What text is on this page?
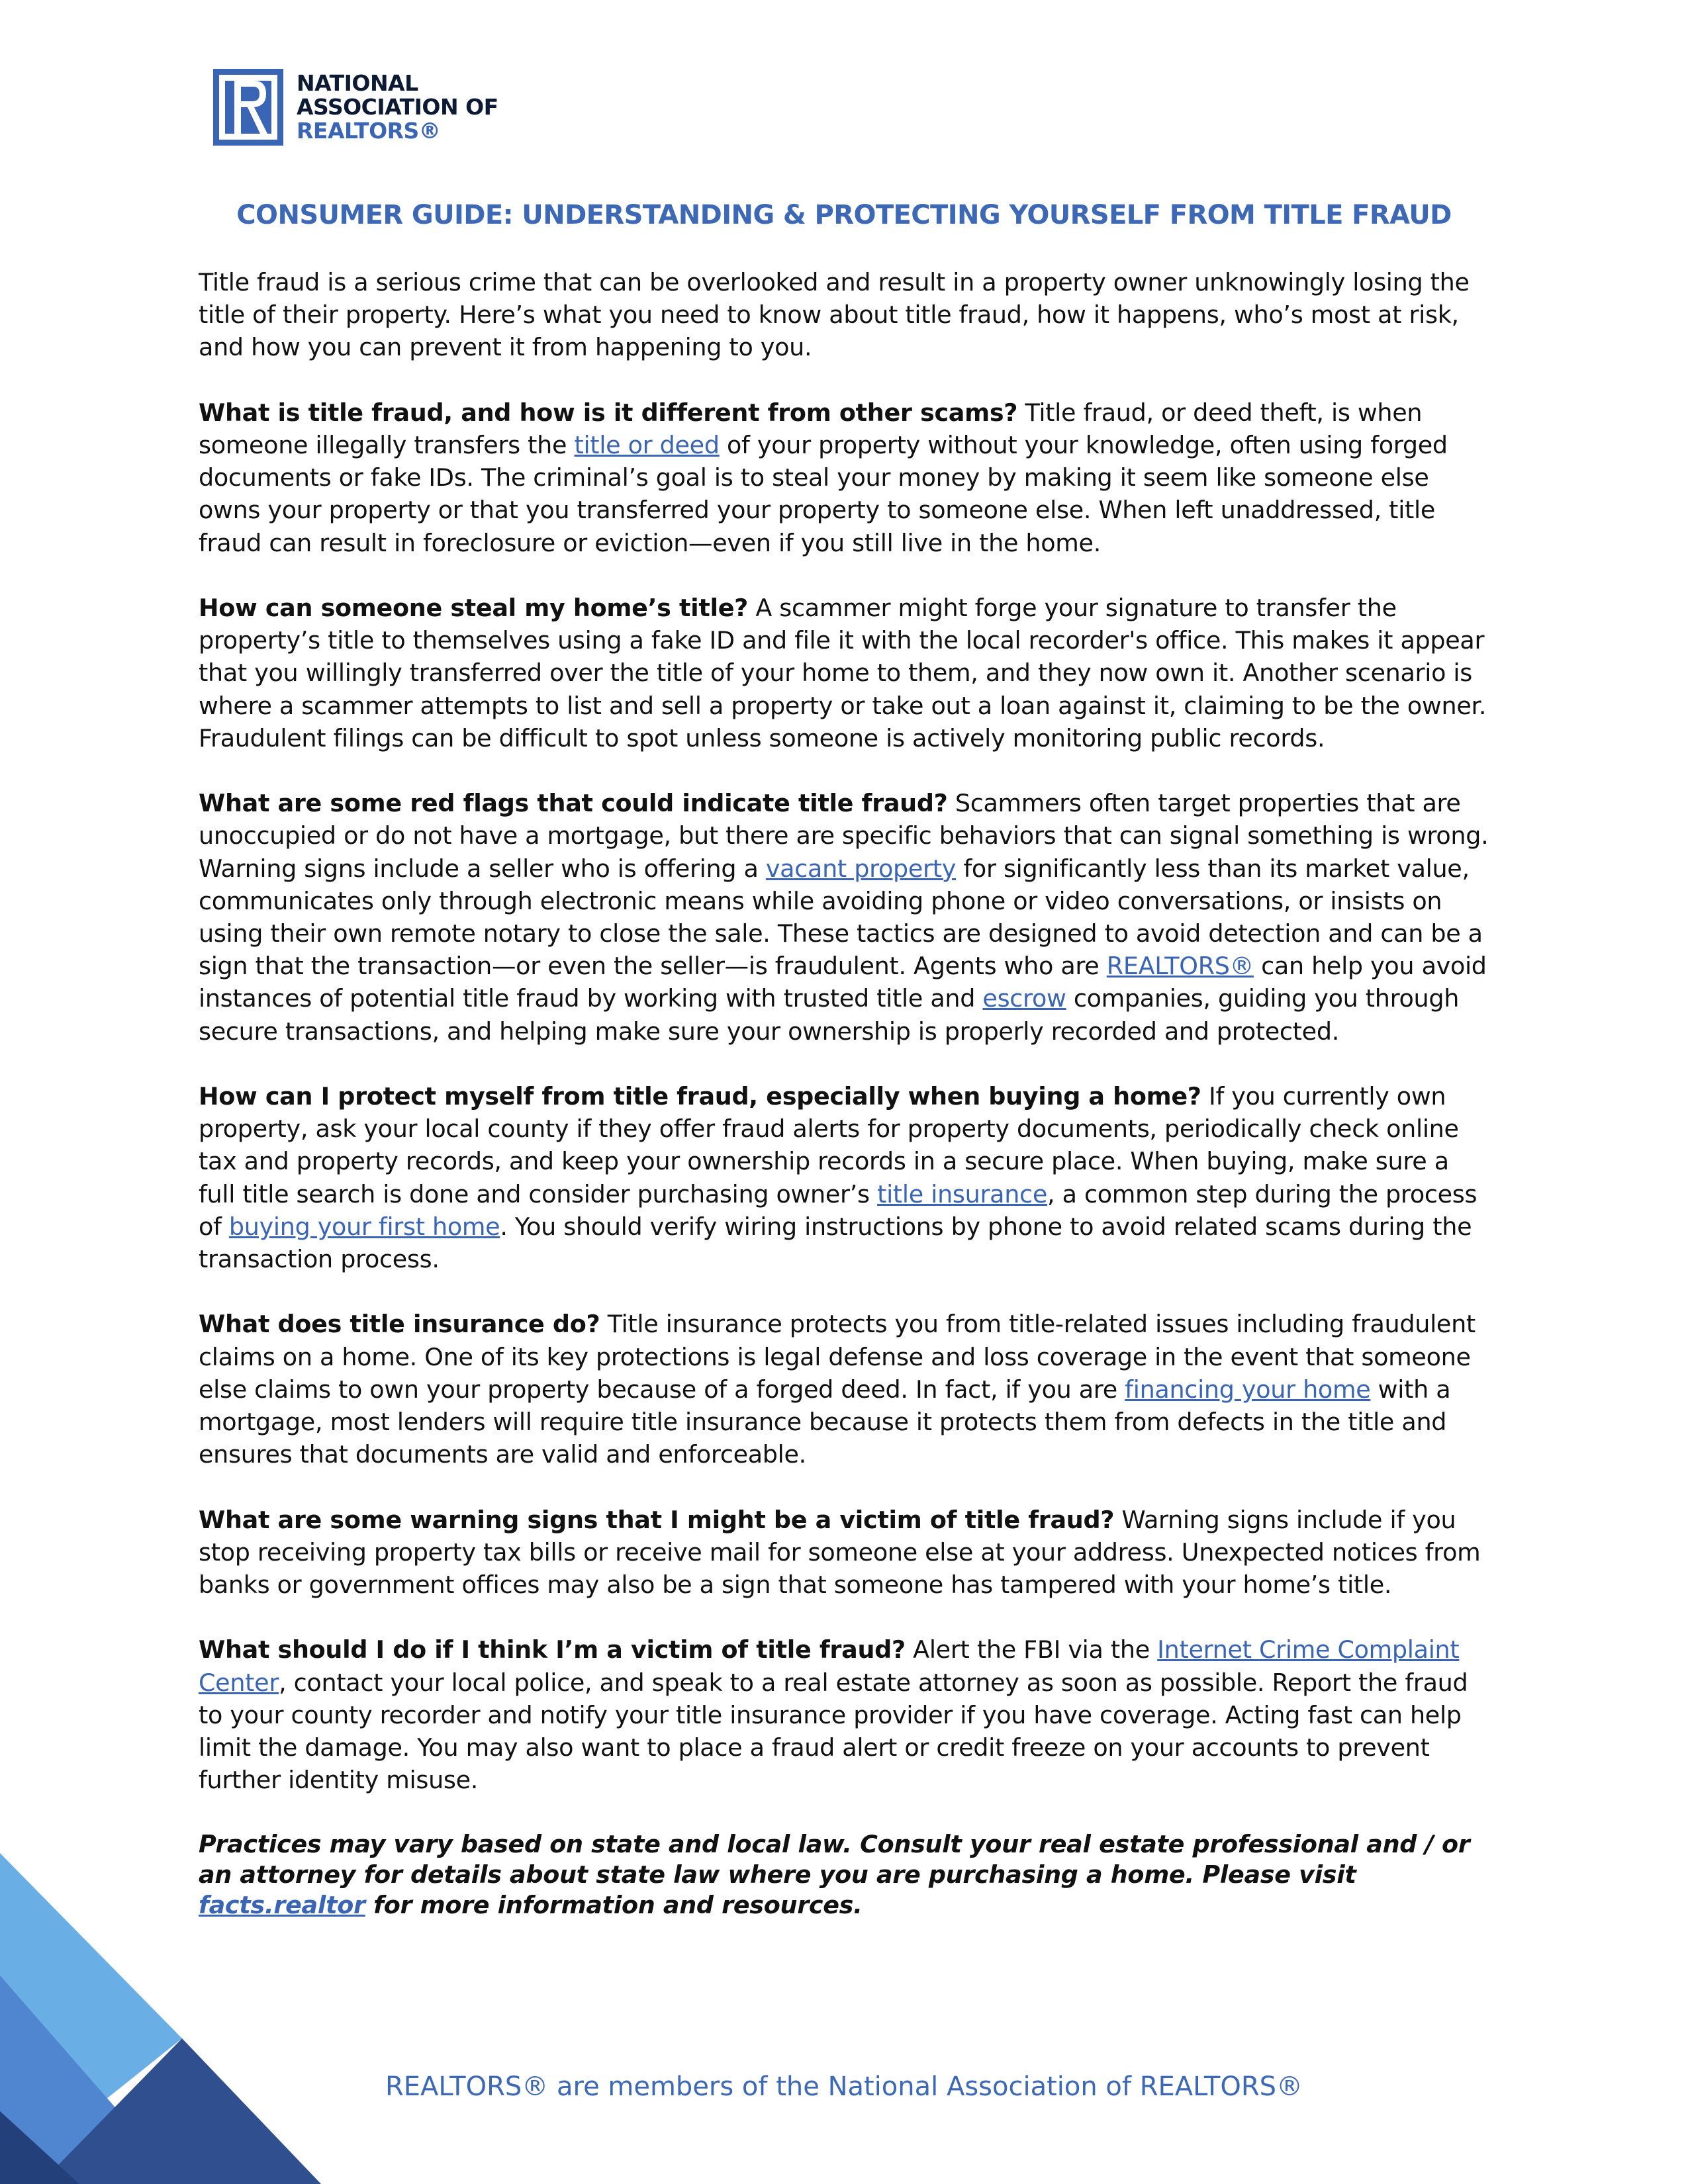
NATIONAL
ASSOCIATION OF
REALTORS®
CONSUMER GUIDE: UNDERSTANDING & PROTECTING YOURSELF FROM TITLE FRAUD

Title fraud is a serious crime that can be overlooked and result in a property owner unknowingly losing the title of their property. Here’s what you need to know about title fraud, how it happens, who’s most at risk, and how you can prevent it from happening to you.

What is title fraud, and how is it different from other scams? Title fraud, or deed theft, is when someone illegally transfers the title or deed of your property without your knowledge, often using forged documents or fake IDs. The criminal’s goal is to steal your money by making it seem like someone else owns your property or that you transferred your property to someone else. When left unaddressed, title fraud can result in foreclosure or eviction—even if you still live in the home.

How can someone steal my home’s title? A scammer might forge your signature to transfer the property’s title to themselves using a fake ID and file it with the local recorder's office. This makes it appear that you willingly transferred over the title of your home to them, and they now own it. Another scenario is where a scammer attempts to list and sell a property or take out a loan against it, claiming to be the owner. Fraudulent filings can be difficult to spot unless someone is actively monitoring public records.

What are some red flags that could indicate title fraud? Scammers often target properties that are unoccupied or do not have a mortgage, but there are specific behaviors that can signal something is wrong. Warning signs include a seller who is offering a vacant property for significantly less than its market value, communicates only through electronic means while avoiding phone or video conversations, or insists on using their own remote notary to close the sale. These tactics are designed to avoid detection and can be a sign that the transaction—or even the seller—is fraudulent. Agents who are REALTORS® can help you avoid instances of potential title fraud by working with trusted title and escrow companies, guiding you through secure transactions, and helping make sure your ownership is properly recorded and protected.

How can I protect myself from title fraud, especially when buying a home? If you currently own property, ask your local county if they offer fraud alerts for property documents, periodically check online tax and property records, and keep your ownership records in a secure place. When buying, make sure a full title search is done and consider purchasing owner’s title insurance, a common step during the process of buying your first home. You should verify wiring instructions by phone to avoid related scams during the transaction process.

What does title insurance do? Title insurance protects you from title-related issues including fraudulent claims on a home. One of its key protections is legal defense and loss coverage in the event that someone else claims to own your property because of a forged deed. In fact, if you are financing your home with a mortgage, most lenders will require title insurance because it protects them from defects in the title and ensures that documents are valid and enforceable.

What are some warning signs that I might be a victim of title fraud? Warning signs include if you stop receiving property tax bills or receive mail for someone else at your address. Unexpected notices from banks or government offices may also be a sign that someone has tampered with your home’s title.

What should I do if I think I’m a victim of title fraud? Alert the FBI via the Internet Crime Complaint Center, contact your local police, and speak to a real estate attorney as soon as possible. Report the fraud to your county recorder and notify your title insurance provider if you have coverage. Acting fast can help limit the damage. You may also want to place a fraud alert or credit freeze on your accounts to prevent further identity misuse.

Practices may vary based on state and local law. Consult your real estate professional and / or an attorney for details about state law where you are purchasing a home. Please visit facts.realtor for more information and resources.

REALTORS® are members of the National Association of REALTORS®
